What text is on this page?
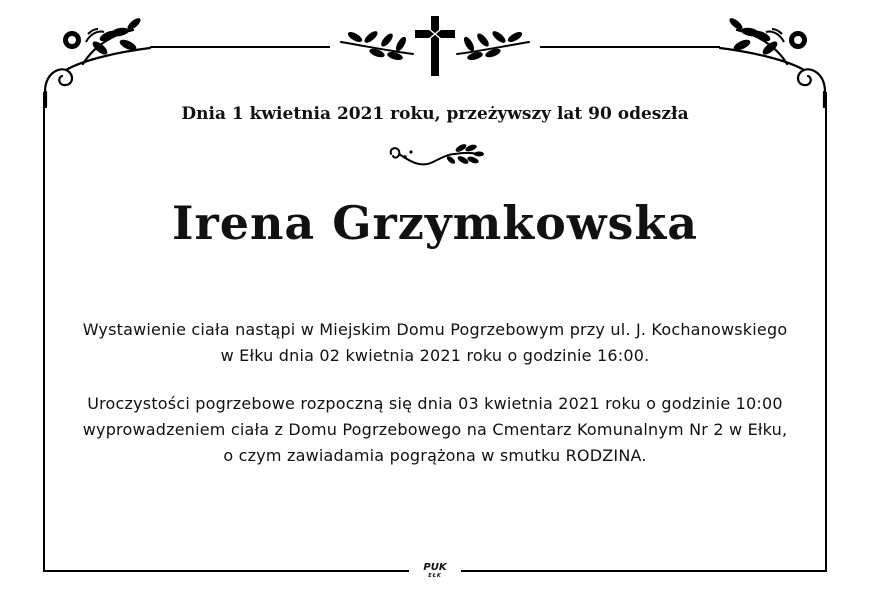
Dnia 1 kwietnia 2021 roku, przeżywszy lat 90 odeszła
Irena Grzymkowska
Wystawienie ciała nastąpi w Miejskim Domu Pogrzebowym przy ul. J. Kochanowskiego
w Ełku dnia 02 kwietnia 2021 roku o godzinie 16:00.
Uroczystości pogrzebowe rozpoczną się dnia 03 kwietnia 2021 roku o godzinie 10:00
wyprowadzeniem ciała z Domu Pogrzebowego na Cmentarz Komunalnym Nr 2 w Ełku,
o czym zawiadamia pogrążona w smutku RODZINA.
PUK
EŁK
